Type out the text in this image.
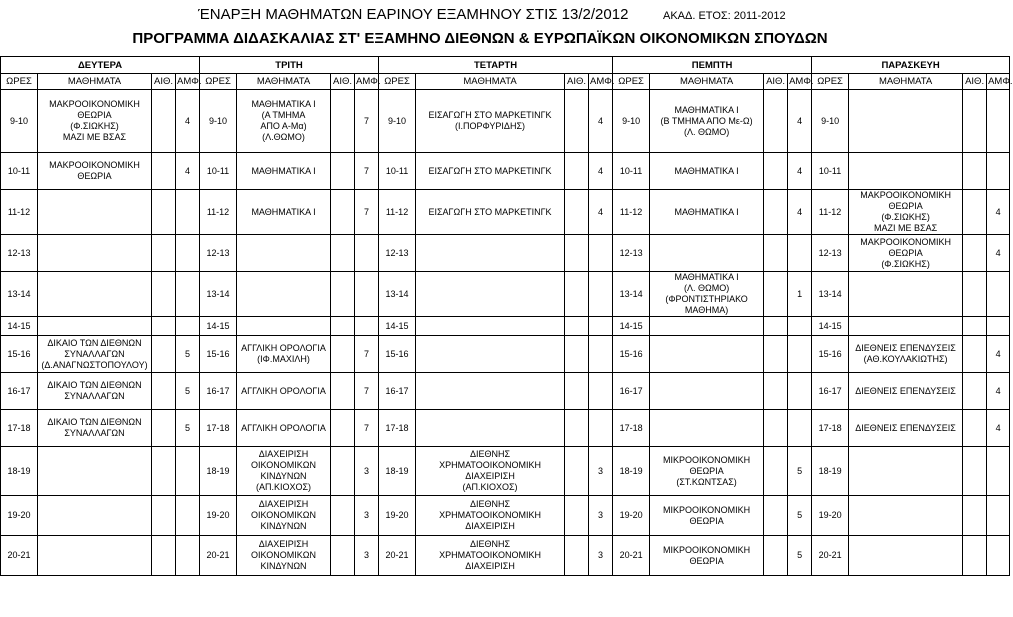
ΈΝΑΡΞΗ ΜΑΘΗΜΑΤΩΝ ΕΑΡΙΝΟΥ ΕΞΑΜΗΝΟΥ ΣΤΙΣ 13/2/2012	ΑΚΑΔ. ΕΤΟΣ: 2011-2012
ΠΡΟΓΡΑΜΜΑ ΔΙΔΑΣΚΑΛΙΑΣ ΣΤ' ΕΞΑΜΗΝΟ ΔΙΕΘΝΩΝ & ΕΥΡΩΠΑΪΚΩΝ ΟΙΚΟΝΟΜΙΚΩΝ ΣΠΟΥΔΩΝ
ΔΕΥΤΕΡΑ				ΤΡΙΤΗ				ΤΕΤΑΡΤΗ				ΠΕΜΠΤΗ				ΠΑΡΑΣΚΕΥΗ			
ΩΡΕΣ	ΜΑΘΗΜΑΤΑ	ΑΙΘ.	ΑΜΦ.	ΩΡΕΣ	ΜΑΘΗΜΑΤΑ	ΑΙΘ.	ΑΜΦ.	ΩΡΕΣ	ΜΑΘΗΜΑΤΑ	ΑΙΘ.	ΑΜΦ.	ΩΡΕΣ	ΜΑΘΗΜΑΤΑ	ΑΙΘ.	ΑΜΦ.	ΩΡΕΣ	ΜΑΘΗΜΑΤΑ	ΑΙΘ.	ΑΜΦ.
9-10	ΜΑΚΡΟΟΙΚΟΝΟΜΙΚΗ
ΘΕΩΡΙΑ
(Φ.ΣΙΩΚΗΣ)
ΜΑΖΙ ΜΕ ΒΣΑΣ		4	9-10	ΜΑΘΗΜΑΤΙΚΑ Ι
(Α ΤΜΗΜΑ
ΑΠΟ Α-Μα)
(Λ.ΘΩΜΟ)		7	9-10	ΕΙΣΑΓΩΓΗ ΣΤΟ ΜΑΡΚΕΤΙΝΓΚ
(Ι.ΠΟΡΦΥΡΙΔΗΣ)		4	9-10	ΜΑΘΗΜΑΤΙΚΑ Ι
(Β ΤΜΗΜΑ ΑΠΟ Με-Ω)
(Λ. ΘΩΜΟ)		4	9-10			
10-11	ΜΑΚΡΟΟΙΚΟΝΟΜΙΚΗ
ΘΕΩΡΙΑ		4	10-11	ΜΑΘΗΜΑΤΙΚΑ Ι		7	10-11	ΕΙΣΑΓΩΓΗ ΣΤΟ ΜΑΡΚΕΤΙΝΓΚ		4	10-11	ΜΑΘΗΜΑΤΙΚΑ Ι		4	10-11			
11-12				11-12	ΜΑΘΗΜΑΤΙΚΑ Ι		7	11-12	ΕΙΣΑΓΩΓΗ ΣΤΟ ΜΑΡΚΕΤΙΝΓΚ		4	11-12	ΜΑΘΗΜΑΤΙΚΑ Ι		4	11-12	ΜΑΚΡΟΟΙΚΟΝΟΜΙΚΗ
ΘΕΩΡΙΑ
(Φ.ΣΙΩΚΗΣ)
ΜΑΖΙ ΜΕ ΒΣΑΣ		4
12-13				12-13				12-13				12-13				12-13	ΜΑΚΡΟΟΙΚΟΝΟΜΙΚΗ
ΘΕΩΡΙΑ
(Φ.ΣΙΩΚΗΣ)		4
13-14				13-14				13-14				13-14	ΜΑΘΗΜΑΤΙΚΑ Ι
(Λ. ΘΩΜΟ)
(ΦΡΟΝΤΙΣΤΗΡΙΑΚΟ
ΜΑΘΗΜΑ)		1	13-14			
14-15				14-15				14-15				14-15				14-15			
15-16	ΔΙΚΑΙΟ ΤΩΝ ΔΙΕΘΝΩΝ
ΣΥΝΑΛΛΑΓΩΝ
(Δ.ΑΝΑΓΝΩΣΤΟΠΟΥΛΟΥ)		5	15-16	ΑΓΓΛΙΚΗ ΟΡΟΛΟΓΙΑ
(ΙΦ.ΜΑΧΙΛΗ)		7	15-16				15-16				15-16	ΔΙΕΘΝΕΙΣ ΕΠΕΝΔΥΣΕΙΣ
(ΑΘ.ΚΟΥΛΑΚΙΩΤΗΣ)		4
16-17	ΔΙΚΑΙΟ ΤΩΝ ΔΙΕΘΝΩΝ
ΣΥΝΑΛΛΑΓΩΝ		5	16-17	ΑΓΓΛΙΚΗ ΟΡΟΛΟΓΙΑ		7	16-17				16-17				16-17	ΔΙΕΘΝΕΙΣ ΕΠΕΝΔΥΣΕΙΣ		4
17-18	ΔΙΚΑΙΟ ΤΩΝ ΔΙΕΘΝΩΝ
ΣΥΝΑΛΛΑΓΩΝ		5	17-18	ΑΓΓΛΙΚΗ ΟΡΟΛΟΓΙΑ		7	17-18				17-18				17-18	ΔΙΕΘΝΕΙΣ ΕΠΕΝΔΥΣΕΙΣ		4
18-19				18-19	ΔΙΑΧΕΙΡΙΣΗ
ΟΙΚΟΝΟΜΙΚΩΝ
ΚΙΝΔΥΝΩΝ
(ΑΠ.ΚΙΟΧΟΣ)		3	18-19	ΔΙΕΘΝΗΣ
ΧΡΗΜΑΤΟΟΙΚΟΝΟΜΙΚΗ
ΔΙΑΧΕΙΡΙΣΗ
(ΑΠ.ΚΙΟΧΟΣ)		3	18-19	ΜΙΚΡΟΟΙΚΟΝΟΜΙΚΗ
ΘΕΩΡΙΑ
(ΣΤ.ΚΩΝΤΣΑΣ)		5	18-19			
19-20				19-20	ΔΙΑΧΕΙΡΙΣΗ
ΟΙΚΟΝΟΜΙΚΩΝ
ΚΙΝΔΥΝΩΝ		3	19-20	ΔΙΕΘΝΗΣ
ΧΡΗΜΑΤΟΟΙΚΟΝΟΜΙΚΗ
ΔΙΑΧΕΙΡΙΣΗ		3	19-20	ΜΙΚΡΟΟΙΚΟΝΟΜΙΚΗ
ΘΕΩΡΙΑ		5	19-20			
20-21				20-21	ΔΙΑΧΕΙΡΙΣΗ
ΟΙΚΟΝΟΜΙΚΩΝ
ΚΙΝΔΥΝΩΝ		3	20-21	ΔΙΕΘΝΗΣ
ΧΡΗΜΑΤΟΟΙΚΟΝΟΜΙΚΗ
ΔΙΑΧΕΙΡΙΣΗ		3	20-21	ΜΙΚΡΟΟΙΚΟΝΟΜΙΚΗ
ΘΕΩΡΙΑ		5	20-21			
